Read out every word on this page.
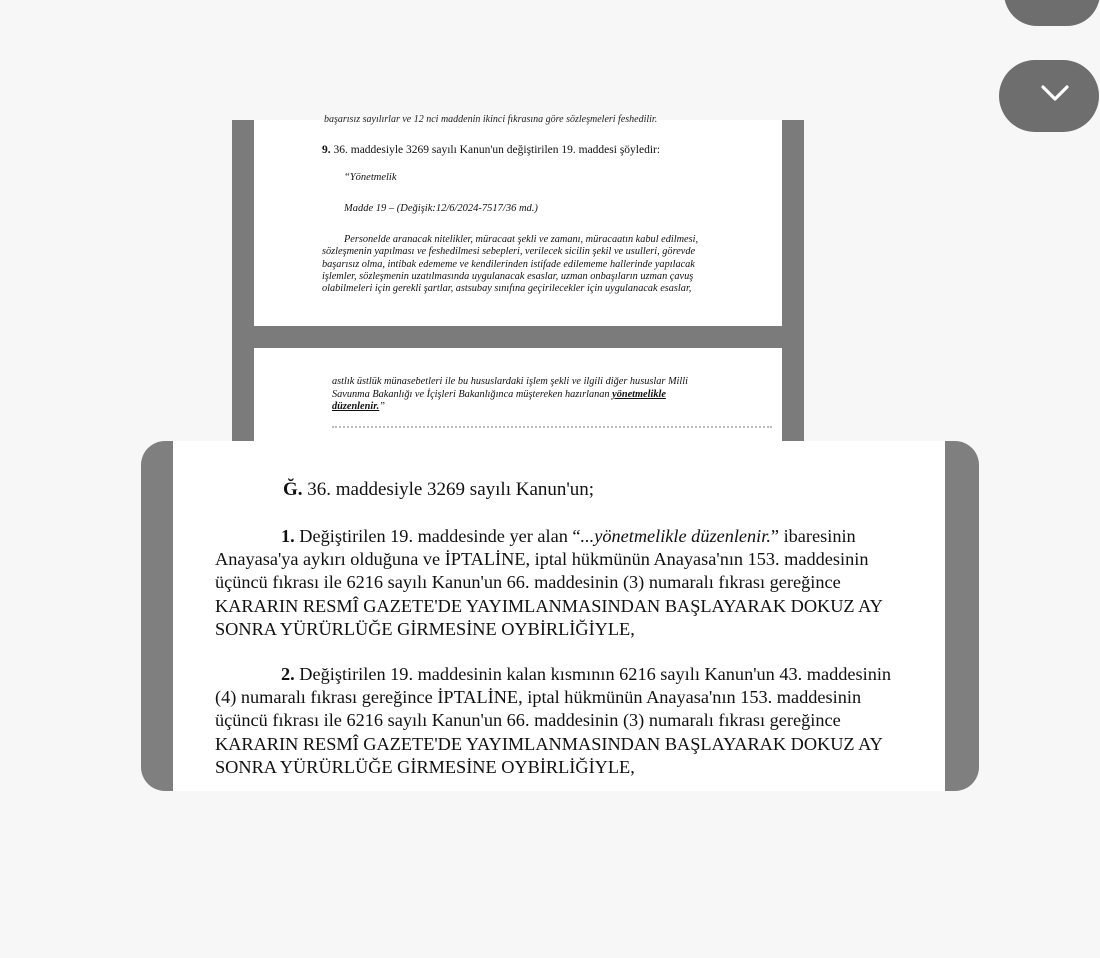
başarısız sayılırlar ve 12 nci maddenin ikinci fıkrasına göre sözleşmeleri feshedilir.
9. 36. maddesiyle 3269 sayılı Kanun'un değiştirilen 19. maddesi şöyledir:
“Yönetmelik
Madde 19 – (Değişik:12/6/2024-7517/36 md.)
Personelde aranacak nitelikler, müracaat şekli ve zamanı, müracaatın kabul edilmesi,
sözleşmenin yapılması ve feshedilmesi sebepleri, verilecek sicilin şekil ve usulleri, görevde
başarısız olma, intibak edememe ve kendilerinden istifade edilememe hallerinde yapılacak
işlemler, sözleşmenin uzatılmasında uygulanacak esaslar, uzman onbaşıların uzman çavuş
olabilmeleri için gerekli şartlar, astsubay sınıfına geçirilecekler için uygulanacak esaslar,
astlık üstlük münasebetleri ile bu hususlardaki işlem şekli ve ilgili diğer hususlar Milli
Savunma Bakanlığı ve İçişleri Bakanlığınca müştereken hazırlanan yönetmelikle
düzenlenir.”
Ğ. 36. maddesiyle 3269 sayılı Kanun'un;
1. Değiştirilen 19. maddesinde yer alan “...yönetmelikle düzenlenir.” ibaresinin
Anayasa'ya aykırı olduğuna ve İPTALİNE, iptal hükmünün Anayasa'nın 153. maddesinin
üçüncü fıkrası ile 6216 sayılı Kanun'un 66. maddesinin (3) numaralı fıkrası gereğince
KARARIN RESMÎ GAZETE'DE YAYIMLANMASINDAN BAŞLAYARAK DOKUZ AY
SONRA YÜRÜRLÜĞE GİRMESİNE OYBİRLİĞİYLE,
2. Değiştirilen 19. maddesinin kalan kısmının 6216 sayılı Kanun'un 43. maddesinin
(4) numaralı fıkrası gereğince İPTALİNE, iptal hükmünün Anayasa'nın 153. maddesinin
üçüncü fıkrası ile 6216 sayılı Kanun'un 66. maddesinin (3) numaralı fıkrası gereğince
KARARIN RESMÎ GAZETE'DE YAYIMLANMASINDAN BAŞLAYARAK DOKUZ AY
SONRA YÜRÜRLÜĞE GİRMESİNE OYBİRLİĞİYLE,
